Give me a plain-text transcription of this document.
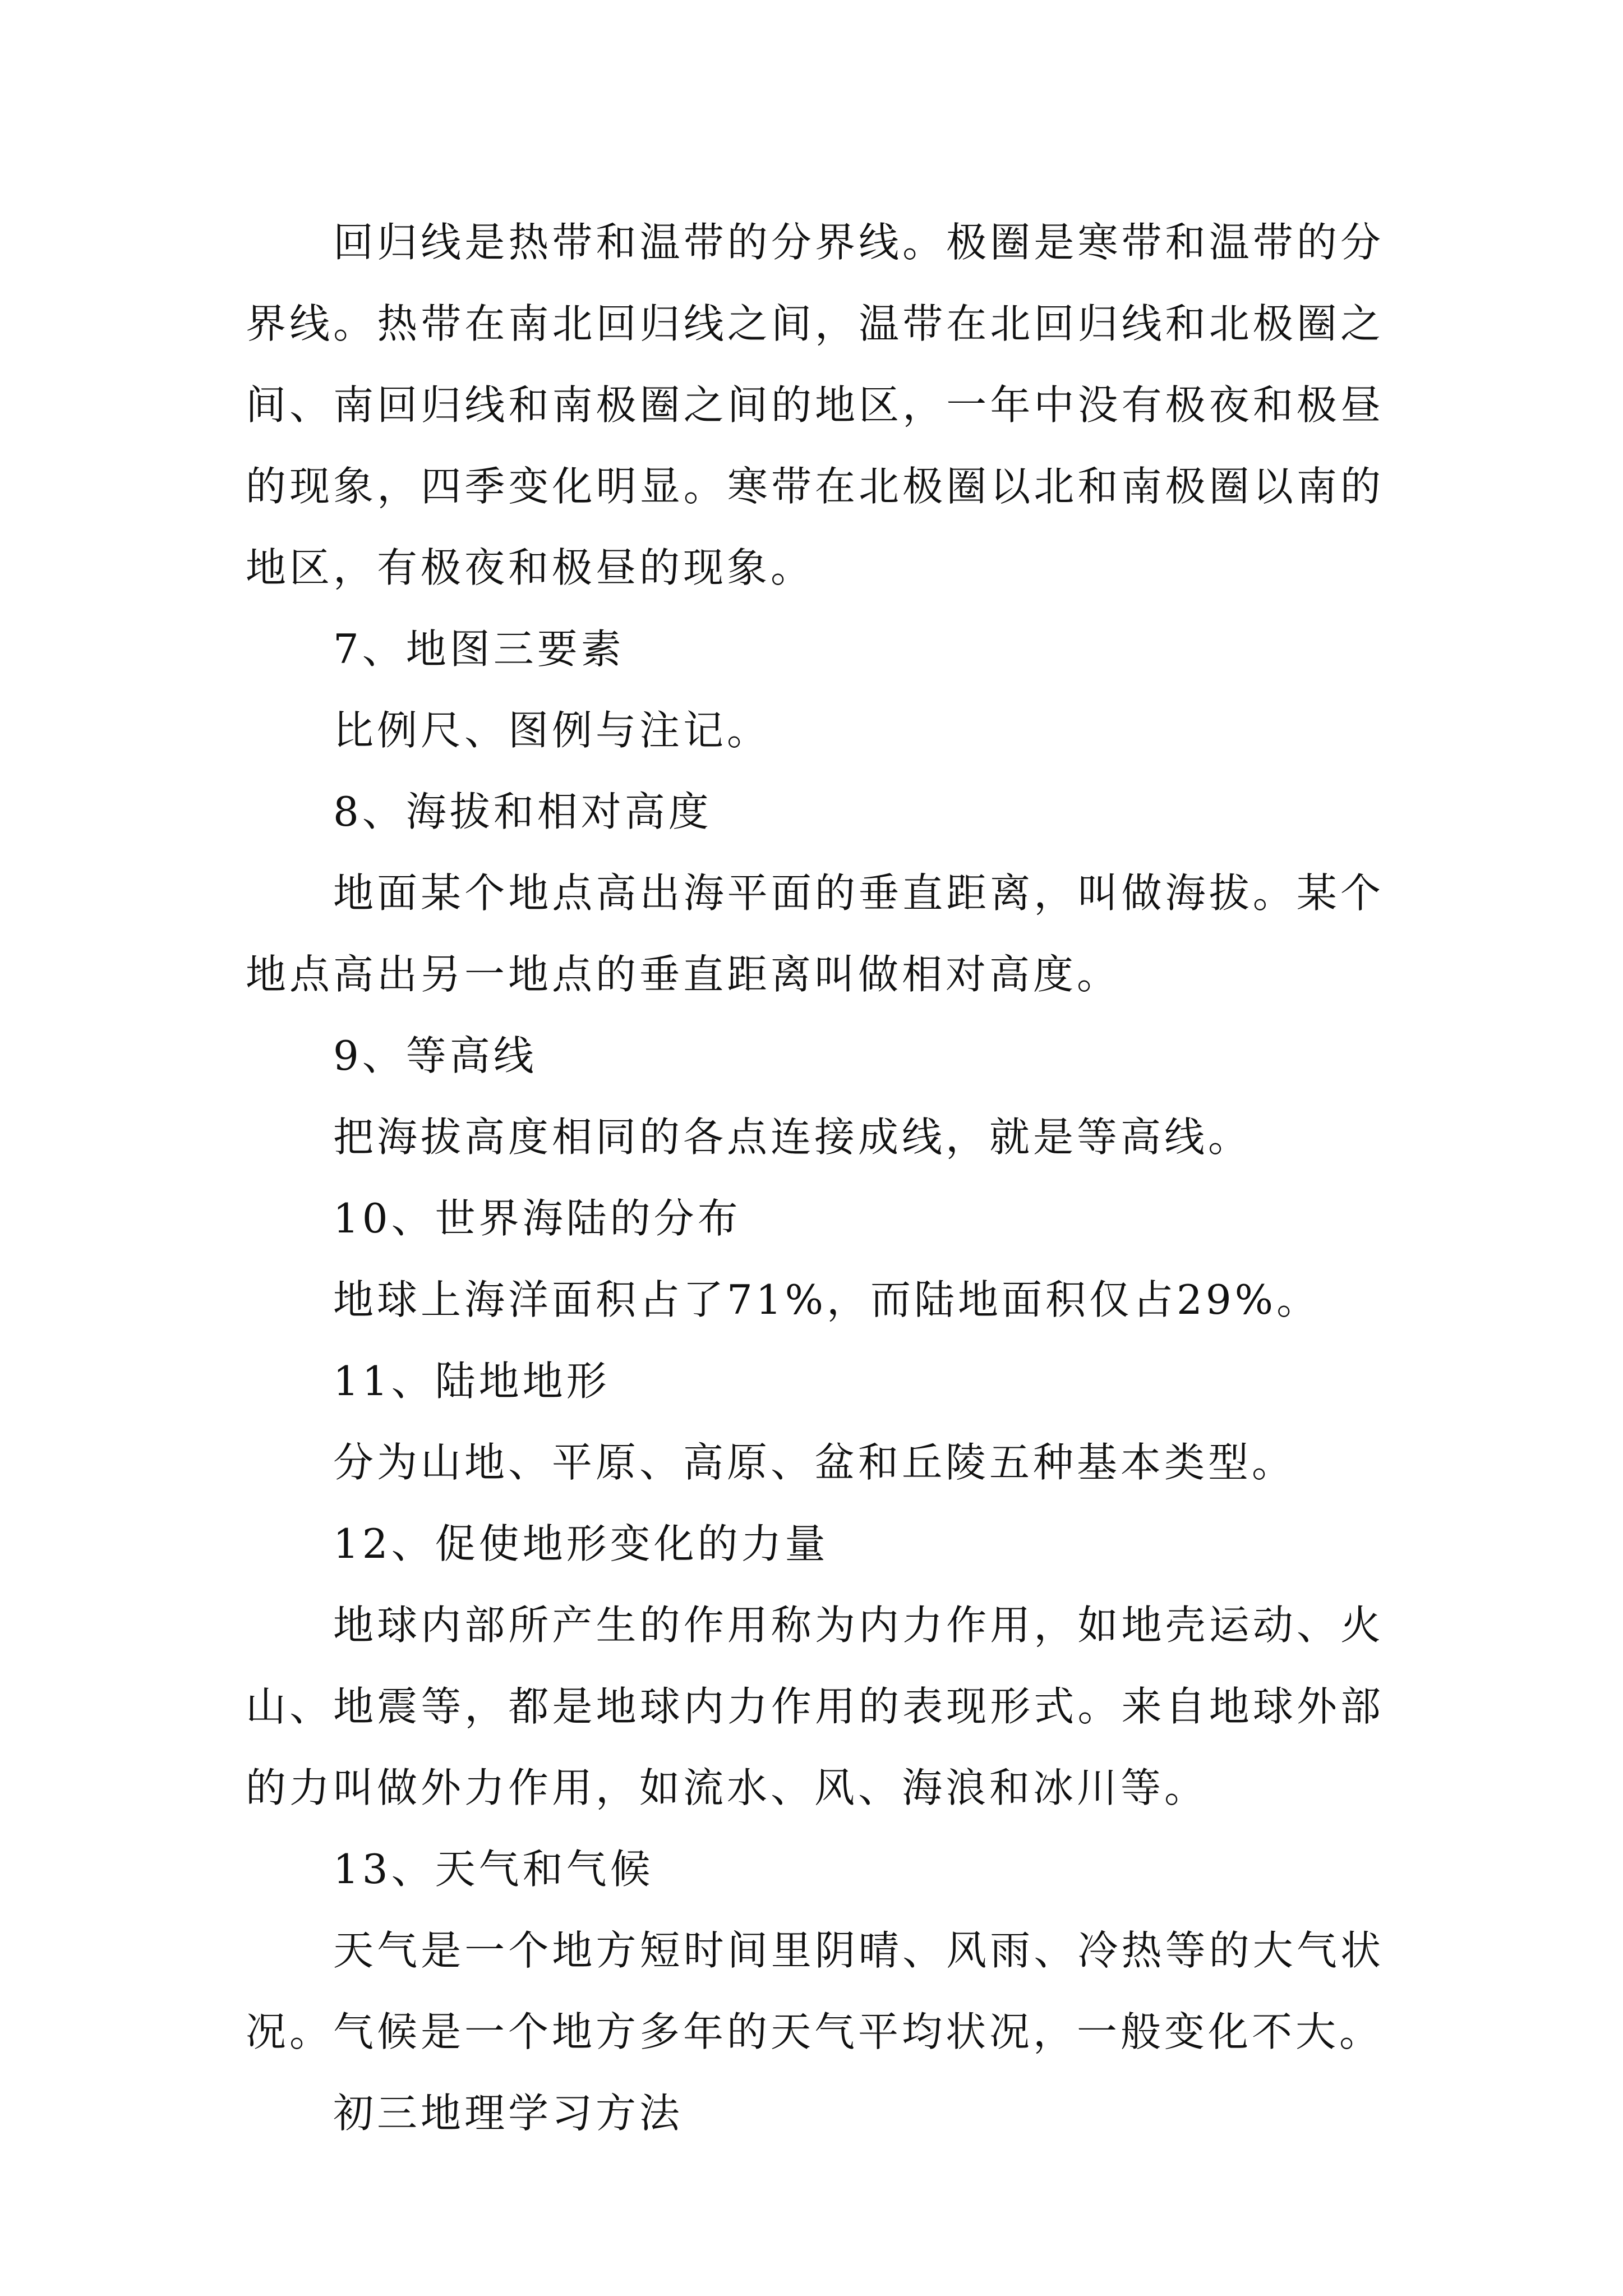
回归线是热带和温带的分界线。极圈是寒带和温带的分界线。热带在南北回归线之间，温带在北回归线和北极圈之间、南回归线和南极圈之间的地区，一年中没有极夜和极昼的现象，四季变化明显。寒带在北极圈以北和南极圈以南的地区，有极夜和极昼的现象。

7、地图三要素

比例尺、图例与注记。

8、海拔和相对高度

地面某个地点高出海平面的垂直距离，叫做海拔。某个地点高出另一地点的垂直距离叫做相对高度。

9、等高线

把海拔高度相同的各点连接成线，就是等高线。

10、世界海陆的分布

地球上海洋面积占了71%，而陆地面积仅占29%。

11、陆地地形

分为山地、平原、高原、盆和丘陵五种基本类型。

12、促使地形变化的力量

地球内部所产生的作用称为内力作用，如地壳运动、火山、地震等，都是地球内力作用的表现形式。来自地球外部的力叫做外力作用，如流水、风、海浪和冰川等。

13、天气和气候

天气是一个地方短时间里阴晴、风雨、冷热等的大气状况。气候是一个地方多年的天气平均状况，一般变化不大。

初三地理学习方法
